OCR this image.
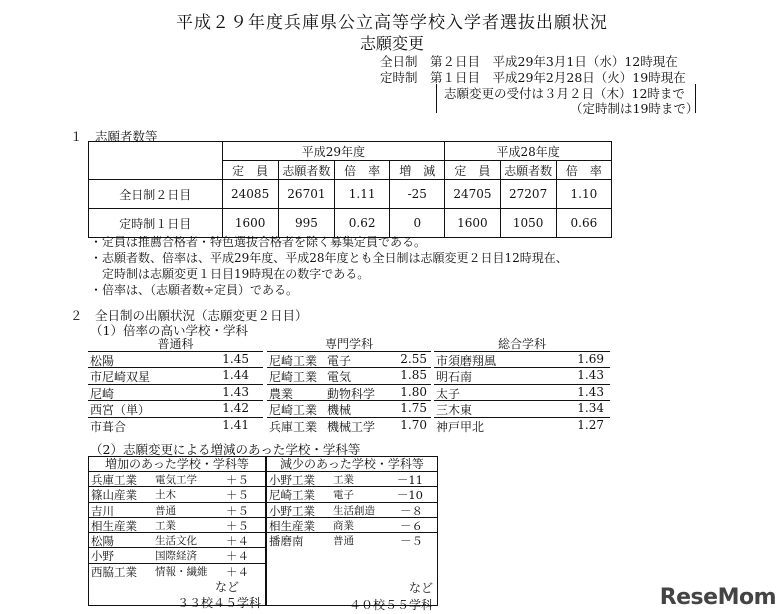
平成２９年度兵庫県公立高等学校入学者選抜出願状況
志願変更
全日制　 第２日目　平成29年3月1日（水）12時現在
定時制　 第１日目　平成29年2月28日（火）19時現在
志願変更の受付は３月２日（木）12時まで
（定時制は19時まで）
１　志願者数等
	平成29年度				平成28年度		
	定　員	志願者数	倍　率	増　減	定　員	志願者数	倍　率
全日制２日目	24085	26701	1.11	-25	24705	27207	1.10
定時制１日目	1600	995	0.62	0	1600	1050	0.66
・定員は推薦合格者・特色選抜合格者を除く募集定員である。
・志願者数、倍率は、平成29年度、平成28年度とも全日制は志願変更２日目12時現在、
　定時制は志願変更１日目19時現在の数字である。
・倍率は、（志願者数÷定員）である。
２　全日制の出願状況（志願変更２日目）
（1）倍率の高い学校・学科
普通科
松陽	1.45
市尼崎双星	1.44
尼崎	1.43
西宮（単）	1.42
市葺合	1.41
専門学科
尼崎工業 電子	2.55
尼崎工業 電気	1.85
農業	動物科学 1.80
尼崎工業 機械	1.75
兵庫工業 機械工学 1.70
総合学科
市須磨翔風	1.69
明石南	1.43
太子	1.43
三木東	1.34
神戸甲北	1.27
（2）志願変更による増減のあった学校・学科等
増加のあった学校・学科等
兵庫工業 電気工学	＋５
篠山産業 土木	＋５
吉川	普通	＋５
相生産業 工業	＋５
松陽	生活文化	＋４
小野	国際経済	＋４
西脇工業 情報・繊維 ＋４
など
３３校４５学科
減少のあった学校・学科等
小野工業 工業	－11
尼崎工業 電子	－10
小野工業 生活創造 －８
相生産業 商業	－６
播磨南	普通	－５
など
４０校５５学科	ReseMom
